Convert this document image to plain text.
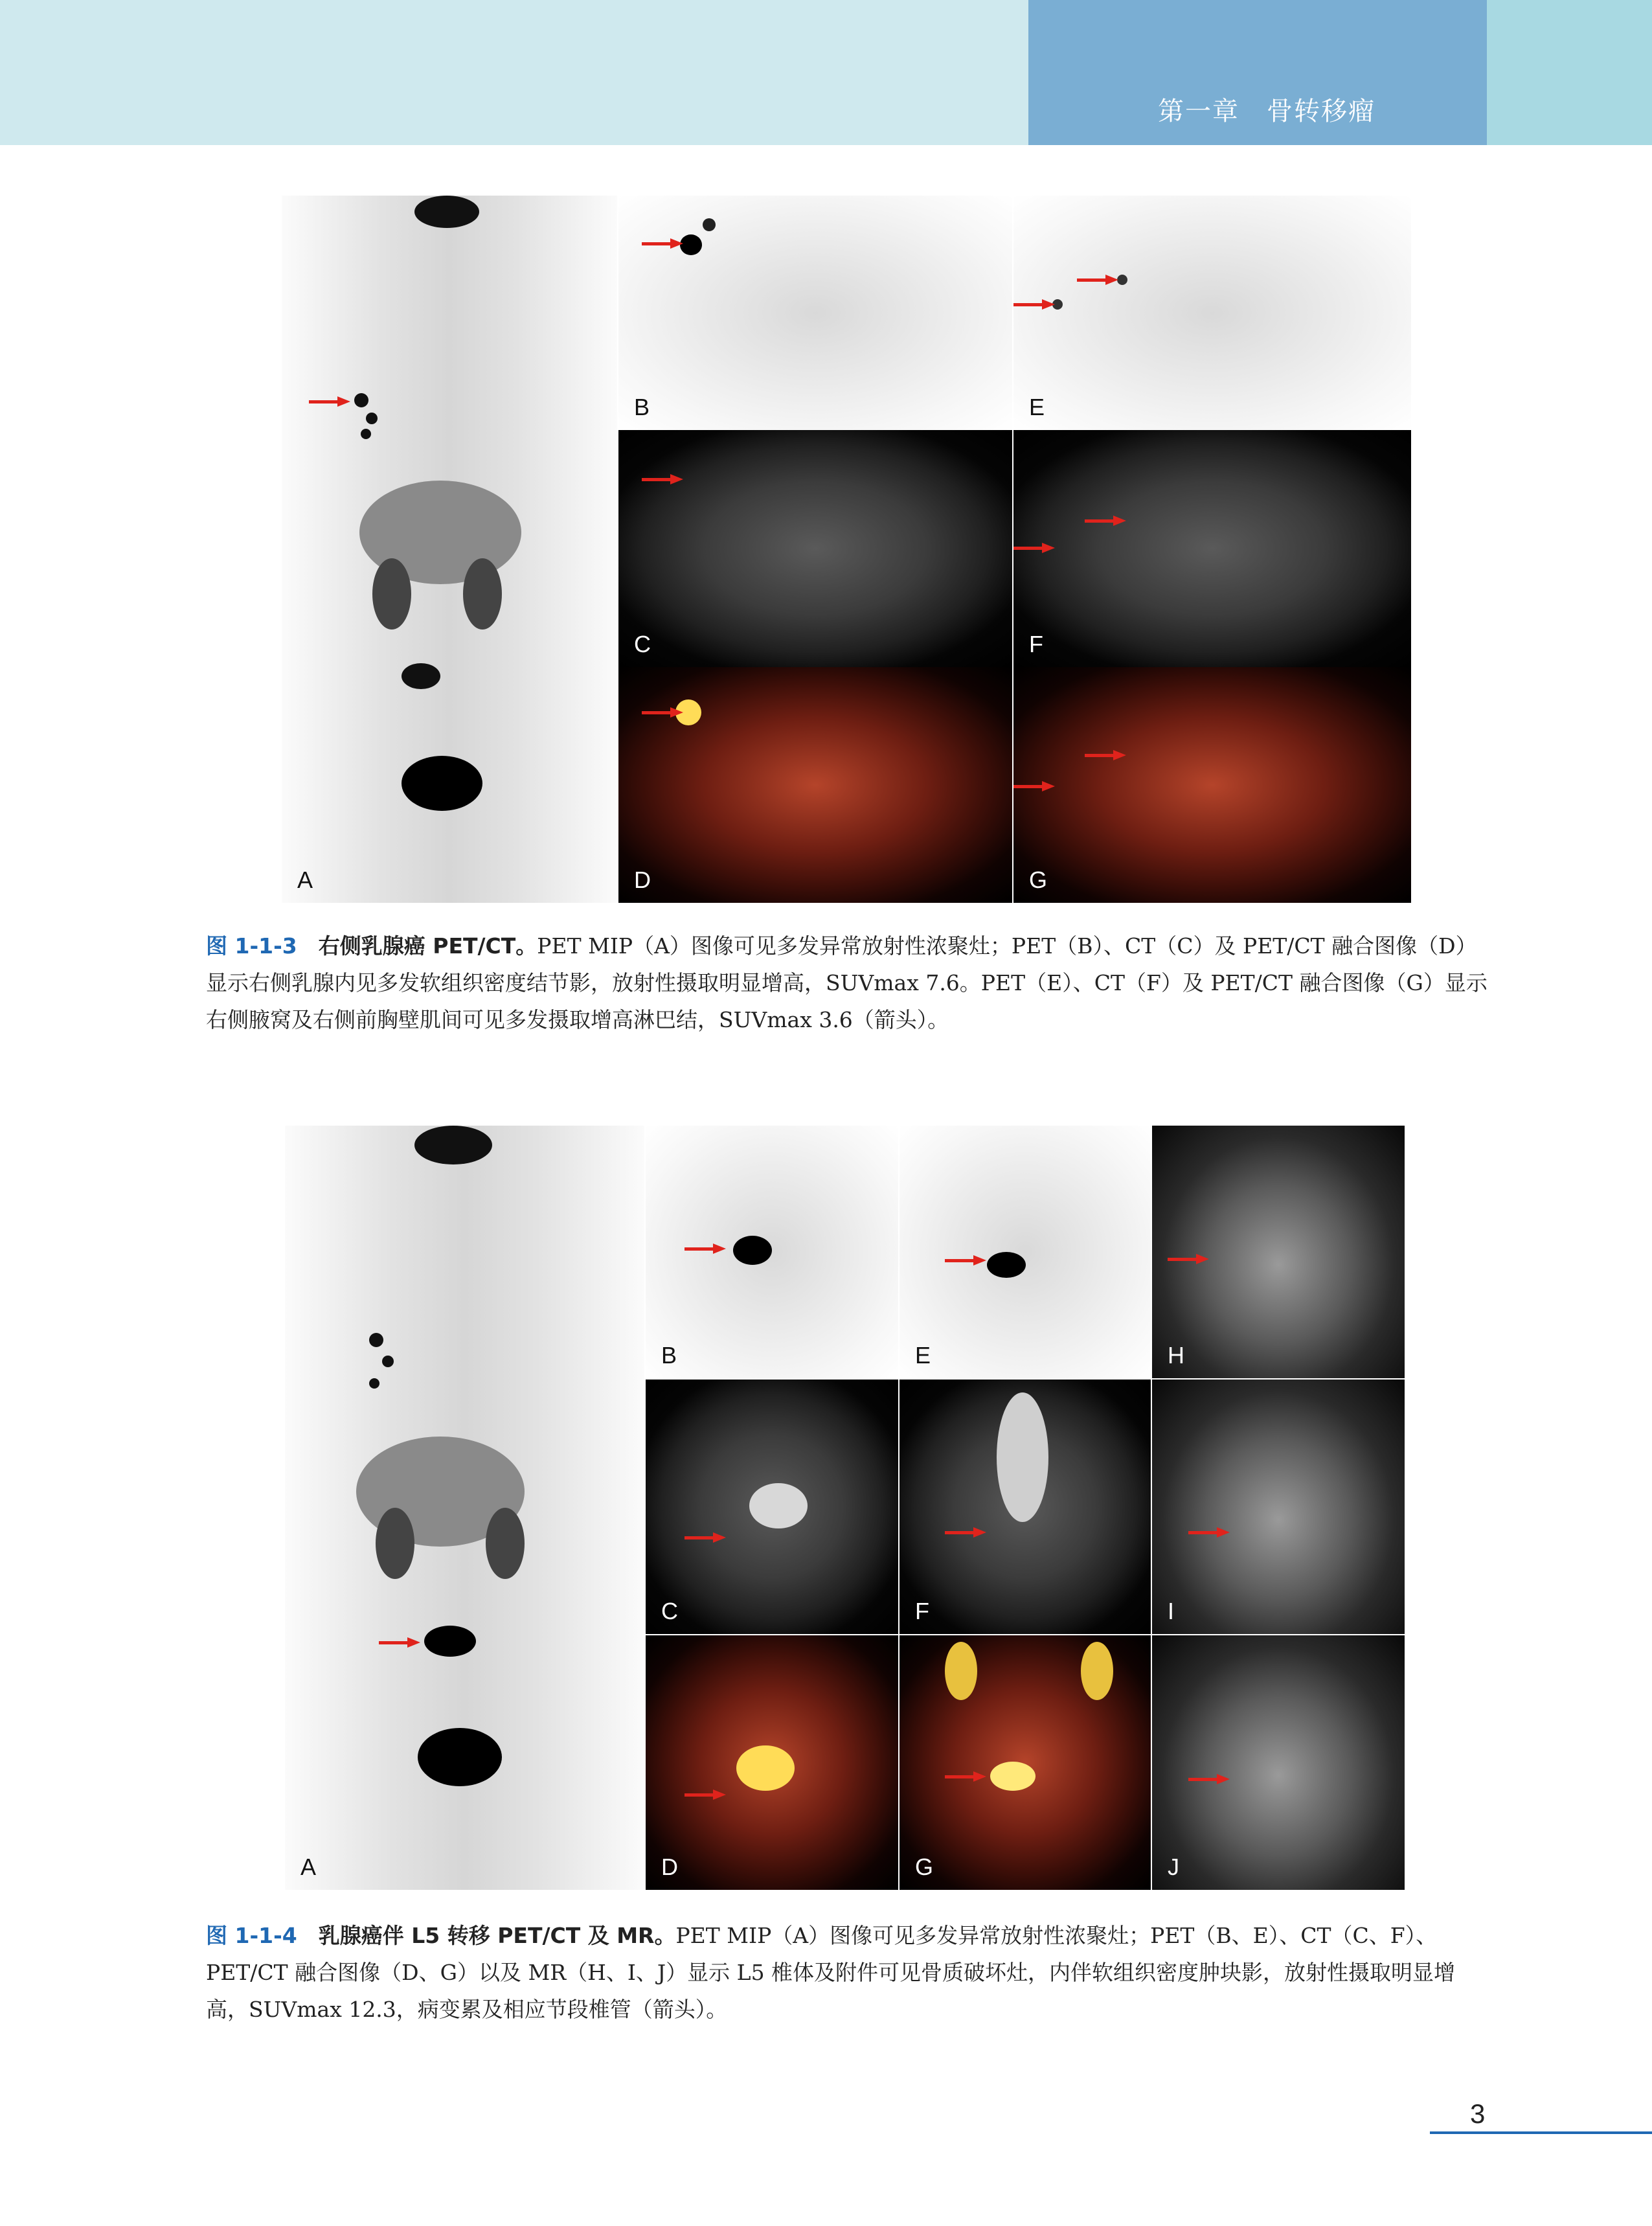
第一章　骨转移瘤
A
B	E
C	F
D	G

图 1-1-3  右侧乳腺癌 PET/CT。PET MIP（A）图像可见多发异常放射性浓聚灶；PET（B）、CT（C）及 PET/CT 融合图像（D）显示右侧乳腺内见多发软组织密度结节影，放射性摄取明显增高，SUVmax 7.6。PET（E）、CT（F）及 PET/CT 融合图像（G）显示右侧腋窝及右侧前胸壁肌间可见多发摄取增高淋巴结，SUVmax 3.6（箭头）。

A
B	E	H
C	F	I
D	G	J

图 1-1-4  乳腺癌伴 L5 转移 PET/CT 及 MR。PET MIP（A）图像可见多发异常放射性浓聚灶；PET（B、E）、CT（C、F）、PET/CT 融合图像（D、G）以及 MR（H、I、J）显示 L5 椎体及附件可见骨质破坏灶，内伴软组织密度肿块影，放射性摄取明显增高，SUVmax 12.3，病变累及相应节段椎管（箭头）。

3
